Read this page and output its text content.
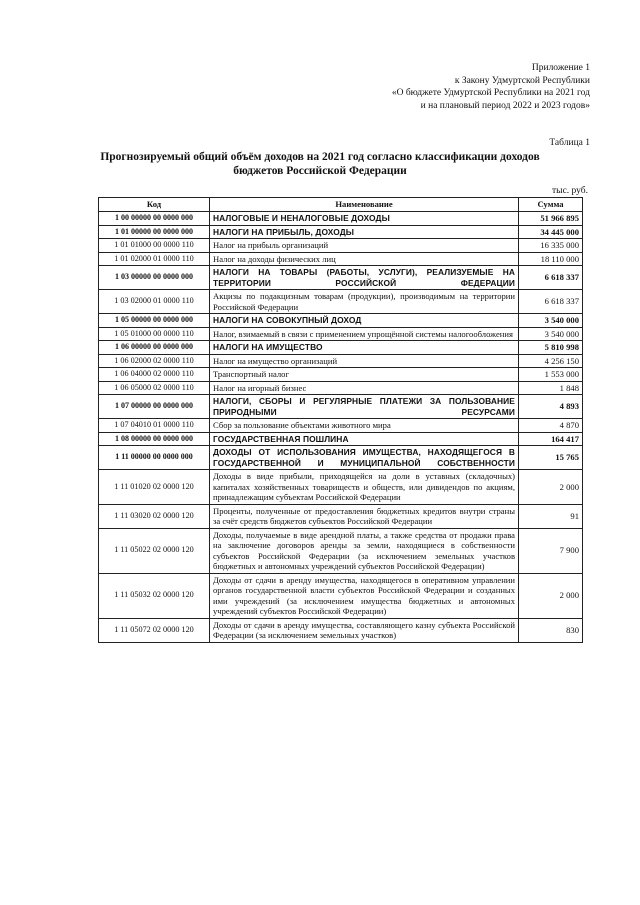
Приложение 1
к Закону Удмуртской Республики
«О бюджете Удмуртской Республики на 2021 год
и на плановый период 2022 и 2023 годов»
Таблица 1
Прогнозируемый общий объём доходов на 2021 год согласно классификации доходов
бюджетов Российской Федерации
тыс. руб.
Код	Наименование	Сумма
1 00 00000 00 0000 000	НАЛОГОВЫЕ И НЕНАЛОГОВЫЕ ДОХОДЫ	51 966 895
1 01 00000 00 0000 000	НАЛОГИ НА ПРИБЫЛЬ, ДОХОДЫ	34 445 000
1 01 01000 00 0000 110	Налог на прибыль организаций	16 335 000
1 01 02000 01 0000 110	Налог на доходы физических лиц	18 110 000
1 03 00000 00 0000 000	НАЛОГИ НА ТОВАРЫ (РАБОТЫ, УСЛУГИ), РЕАЛИЗУЕМЫЕ НА ТЕРРИТОРИИ РОССИЙСКОЙ ФЕДЕРАЦИИ	6 618 337
1 03 02000 01 0000 110	Акцизы по подакцизным товарам (продукции), производимым на территории Российской Федерации	6 618 337
1 05 00000 00 0000 000	НАЛОГИ НА СОВОКУПНЫЙ ДОХОД	3 540 000
1 05 01000 00 0000 110	Налог, взимаемый в связи с применением упрощённой системы налогообложения	3 540 000
1 06 00000 00 0000 000	НАЛОГИ НА ИМУЩЕСТВО	5 810 998
1 06 02000 02 0000 110	Налог на имущество организаций	4 256 150
1 06 04000 02 0000 110	Транспортный налог	1 553 000
1 06 05000 02 0000 110	Налог на игорный бизнес	1 848
1 07 00000 00 0000 000	НАЛОГИ, СБОРЫ И РЕГУЛЯРНЫЕ ПЛАТЕЖИ ЗА ПОЛЬЗОВАНИЕ ПРИРОДНЫМИ РЕСУРСАМИ	4 893
1 07 04010 01 0000 110	Сбор за пользование объектами животного мира	4 870
1 08 00000 00 0000 000	ГОСУДАРСТВЕННАЯ ПОШЛИНА	164 417
1 11 00000 00 0000 000	ДОХОДЫ ОТ ИСПОЛЬЗОВАНИЯ ИМУЩЕСТВА, НАХОДЯЩЕГОСЯ В ГОСУДАРСТВЕННОЙ И МУНИЦИПАЛЬНОЙ СОБСТВЕННОСТИ	15 765
1 11 01020 02 0000 120	Доходы в виде прибыли, приходящейся на доли в уставных (складочных) капиталах хозяйственных товариществ и обществ, или дивидендов по акциям, принадлежащим субъектам Российской Федерации	2 000
1 11 03020 02 0000 120	Проценты, полученные от предоставления бюджетных кредитов внутри страны за счёт средств бюджетов субъектов Российской Федерации	91
1 11 05022 02 0000 120	Доходы, получаемые в виде арендной платы, а также средства от продажи права на заключение договоров аренды за земли, находящиеся в собственности субъектов Российской Федерации (за исключением земельных участков бюджетных и автономных учреждений субъектов Российской Федерации)	7 900
1 11 05032 02 0000 120	Доходы от сдачи в аренду имущества, находящегося в оперативном управлении органов государственной власти субъектов Российской Федерации и созданных ими учреждений (за исключением имущества бюджетных и автономных учреждений субъектов Российской Федерации)	2 000
1 11 05072 02 0000 120	Доходы от сдачи в аренду имущества, составляющего казну субъекта Российской Федерации (за исключением земельных участков)	830
